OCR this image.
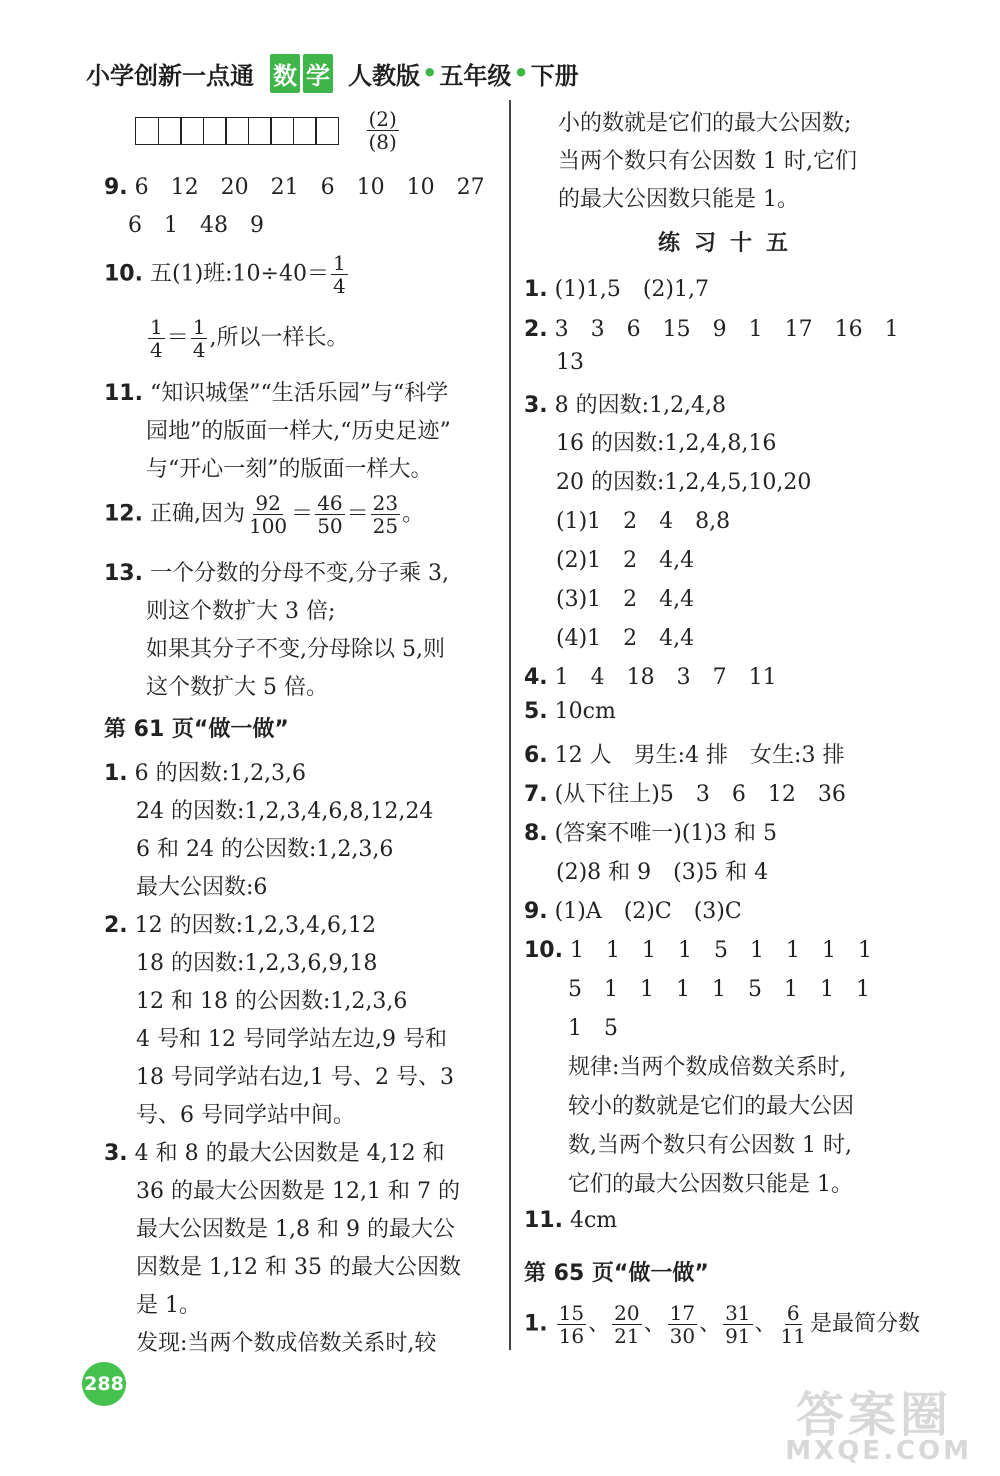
小学创新一点通 数 学 人教版 • 五年级 • 下册

$\frac{(2)}{(8)}$
9. 6　12　20　21　6　10　10　27
6　1　48　9
10. 五(1)班:10÷40＝ $\frac{1}{4}$
$\frac{1}{4} = \frac{1}{4}$ ,所以一样长。
11. “知识城堡”“生活乐园”与“科学
园地”的版面一样大,“历史足迹”
与“开心一刻”的版面一样大。
12. 正确,因为 $\frac{92}{100} = \frac{46}{50} = \frac{23}{25}$ 。
13. 一个分数的分母不变,分子乘 3,
则这个数扩大 3 倍;
如果其分子不变,分母除以 5,则
这个数扩大 5 倍。
第 61 页“做一做”
1. 6 的因数:1,2,3,6
24 的因数:1,2,3,4,6,8,12,24
6 和 24 的公因数:1,2,3,6
最大公因数:6
2. 12 的因数:1,2,3,4,6,12
18 的因数:1,2,3,6,9,18
12 和 18 的公因数:1,2,3,6
4 号和 12 号同学站左边,9 号和
18 号同学站右边,1 号、2 号、3
号、6 号同学站中间。
3. 4 和 8 的最大公因数是 4,12 和
36 的最大公因数是 12,1 和 7 的
最大公因数是 1,8 和 9 的最大公
因数是 1,12 和 35 的最大公因数
是 1。
发现:当两个数成倍数关系时,较
小的数就是它们的最大公因数;
当两个数只有公因数 1 时,它们
的最大公因数只能是 1。
练习十五
1. (1)1,5　(2)1,7
2. 3　3　6　15　9　1　17　16　1
13
3. 8 的因数:1,2,4,8
16 的因数:1,2,4,8,16
20 的因数:1,2,4,5,10,20
(1)1　2　4　8,8
(2)1　2　4,4
(3)1　2　4,4
(4)1　2　4,4
4. 1　4　18　3　7　11
5. 10cm
6. 12 人　男生:4 排　女生:3 排
7. (从下往上)5　3　6　12　36
8. (答案不唯一)(1)3 和 5
(2)8 和 9　(3)5 和 4
9. (1)A　(2)C　(3)C
10. 1　1　1　1　5　1　1　1　1
5　1　1　1　1　5　1　1　1
1　5
规律:当两个数成倍数关系时,
较小的数就是它们的最大公因
数,当两个数只有公因数 1 时,
它们的最大公因数只能是 1。
11. 4cm
第 65 页“做一做”
1. $\frac{15}{16}$ 、 $\frac{20}{21}$ 、 $\frac{17}{30}$ 、 $\frac{31}{91}$ 、 $\frac{6}{11}$ 是最简分数
288
答案圈
MXQE.COM
